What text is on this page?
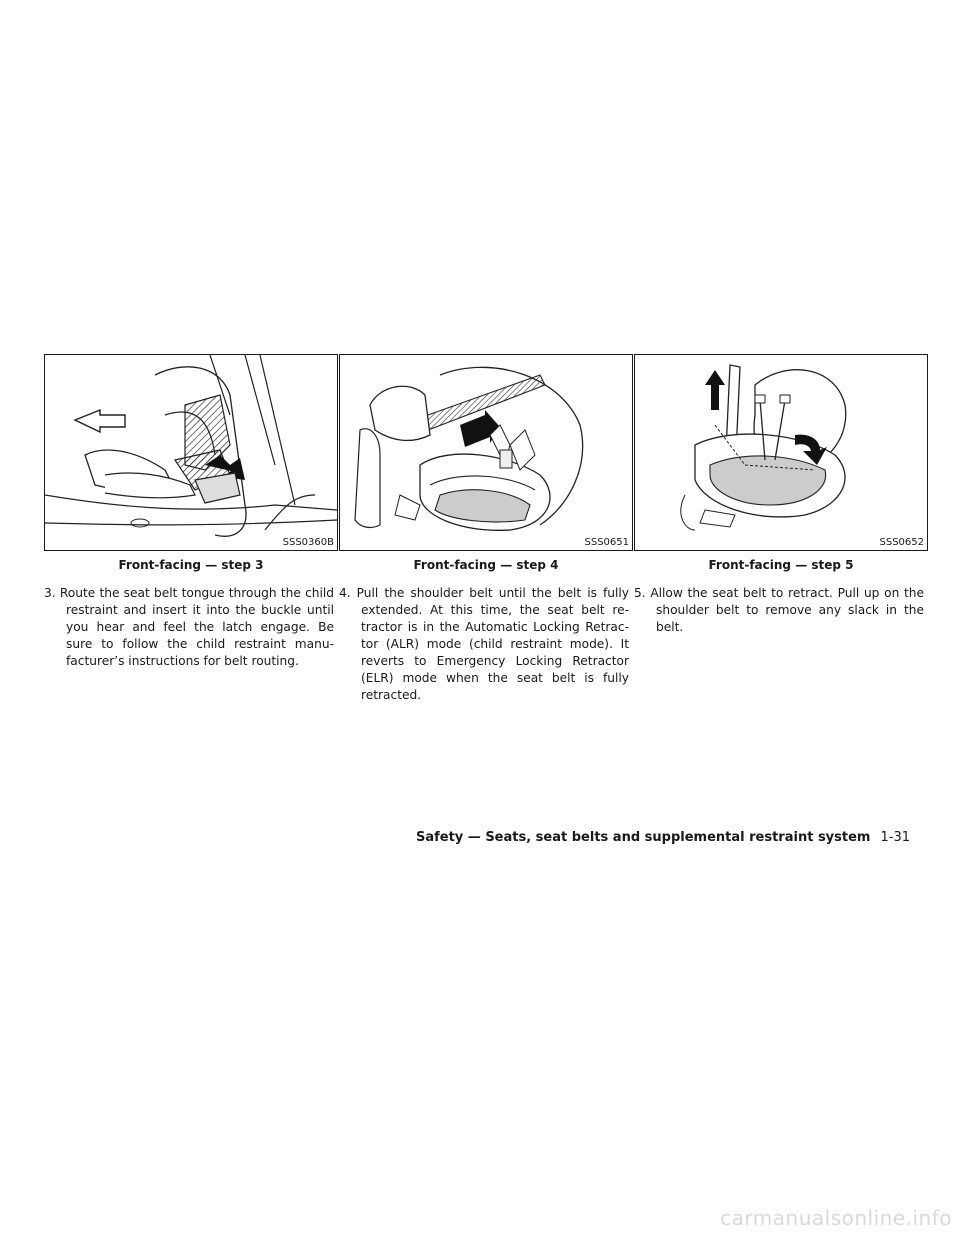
SSS0360B
Front-facing — step 3
SSS0651
Front-facing — step 4
SSS0652
Front-facing — step 5
3. Route the seat belt tongue through the child restraint and insert it into the buckle until you hear and feel the latch engage. Be sure to follow the child restraint manu-facturer’s instructions for belt routing.
4. Pull the shoulder belt until the belt is fully extended. At this time, the seat belt re-tractor is in the Automatic Locking Retrac-tor (ALR) mode (child restraint mode). It reverts to Emergency Locking Retractor (ELR) mode when the seat belt is fully retracted.
5. Allow the seat belt to retract. Pull up on the shoulder belt to remove any slack in the belt.
Safety — Seats, seat belts and supplemental restraint system 1-31
carmanualsonline.info
